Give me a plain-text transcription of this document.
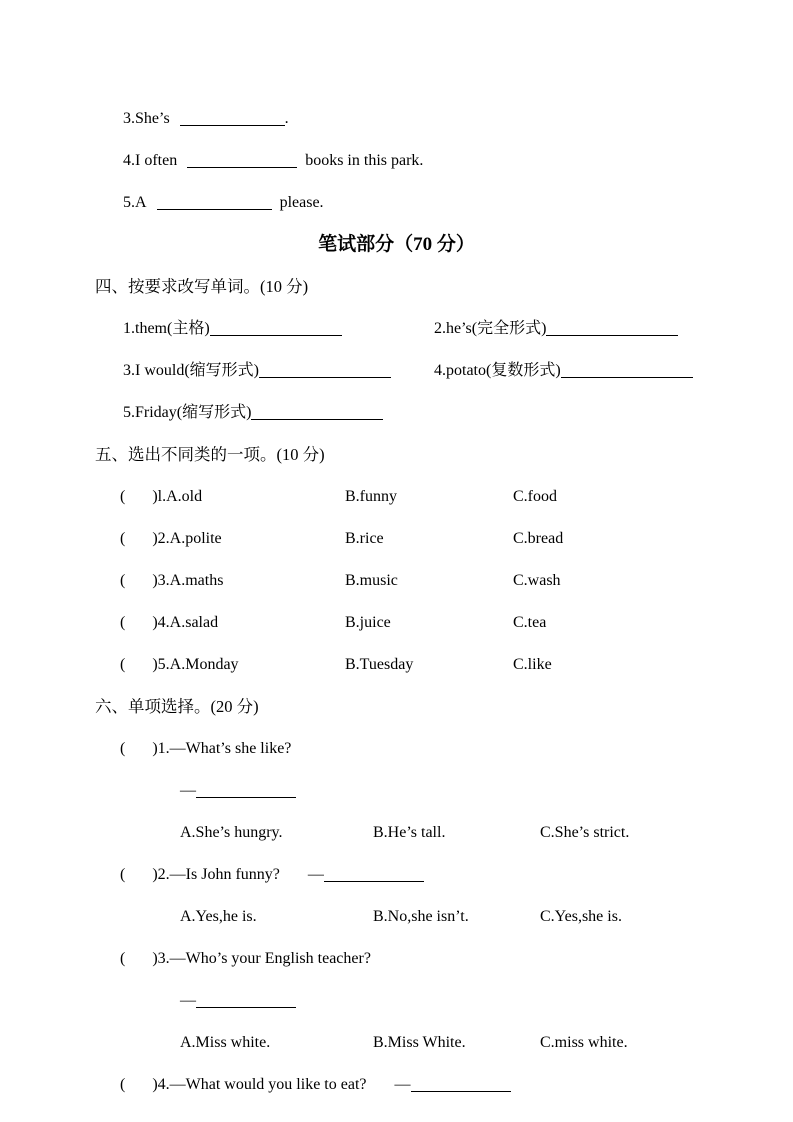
3.She’s	.
4.I often	books in this park.
5.A	please.
笔试部分（70 分）
四、按要求改写单词。(10 分)
1.them(主格)	2.he’s(完全形式)
3.I would(缩写形式)	4.potato(复数形式)
5.Friday(缩写形式)
五、选出不同类的一项。(10 分)
( )l.A.old	B.funny	C.food
( )2.A.polite	B.rice	C.bread
( )3.A.maths	B.music	C.wash
( )4.A.salad	B.juice	C.tea
( )5.A.Monday	B.Tuesday	C.like
六、单项选择。(20 分)
( )1.—What’s she like?
—
A.She’s hungry.	B.He’s tall.	C.She’s strict.
( )2.—Is John funny? —
A.Yes,he is.	B.No,she isn’t.	C.Yes,she is.
( )3.—Who’s your English teacher?
—
A.Miss white.	B.Miss White.	C.miss white.
( )4.—What would you like to eat? —
